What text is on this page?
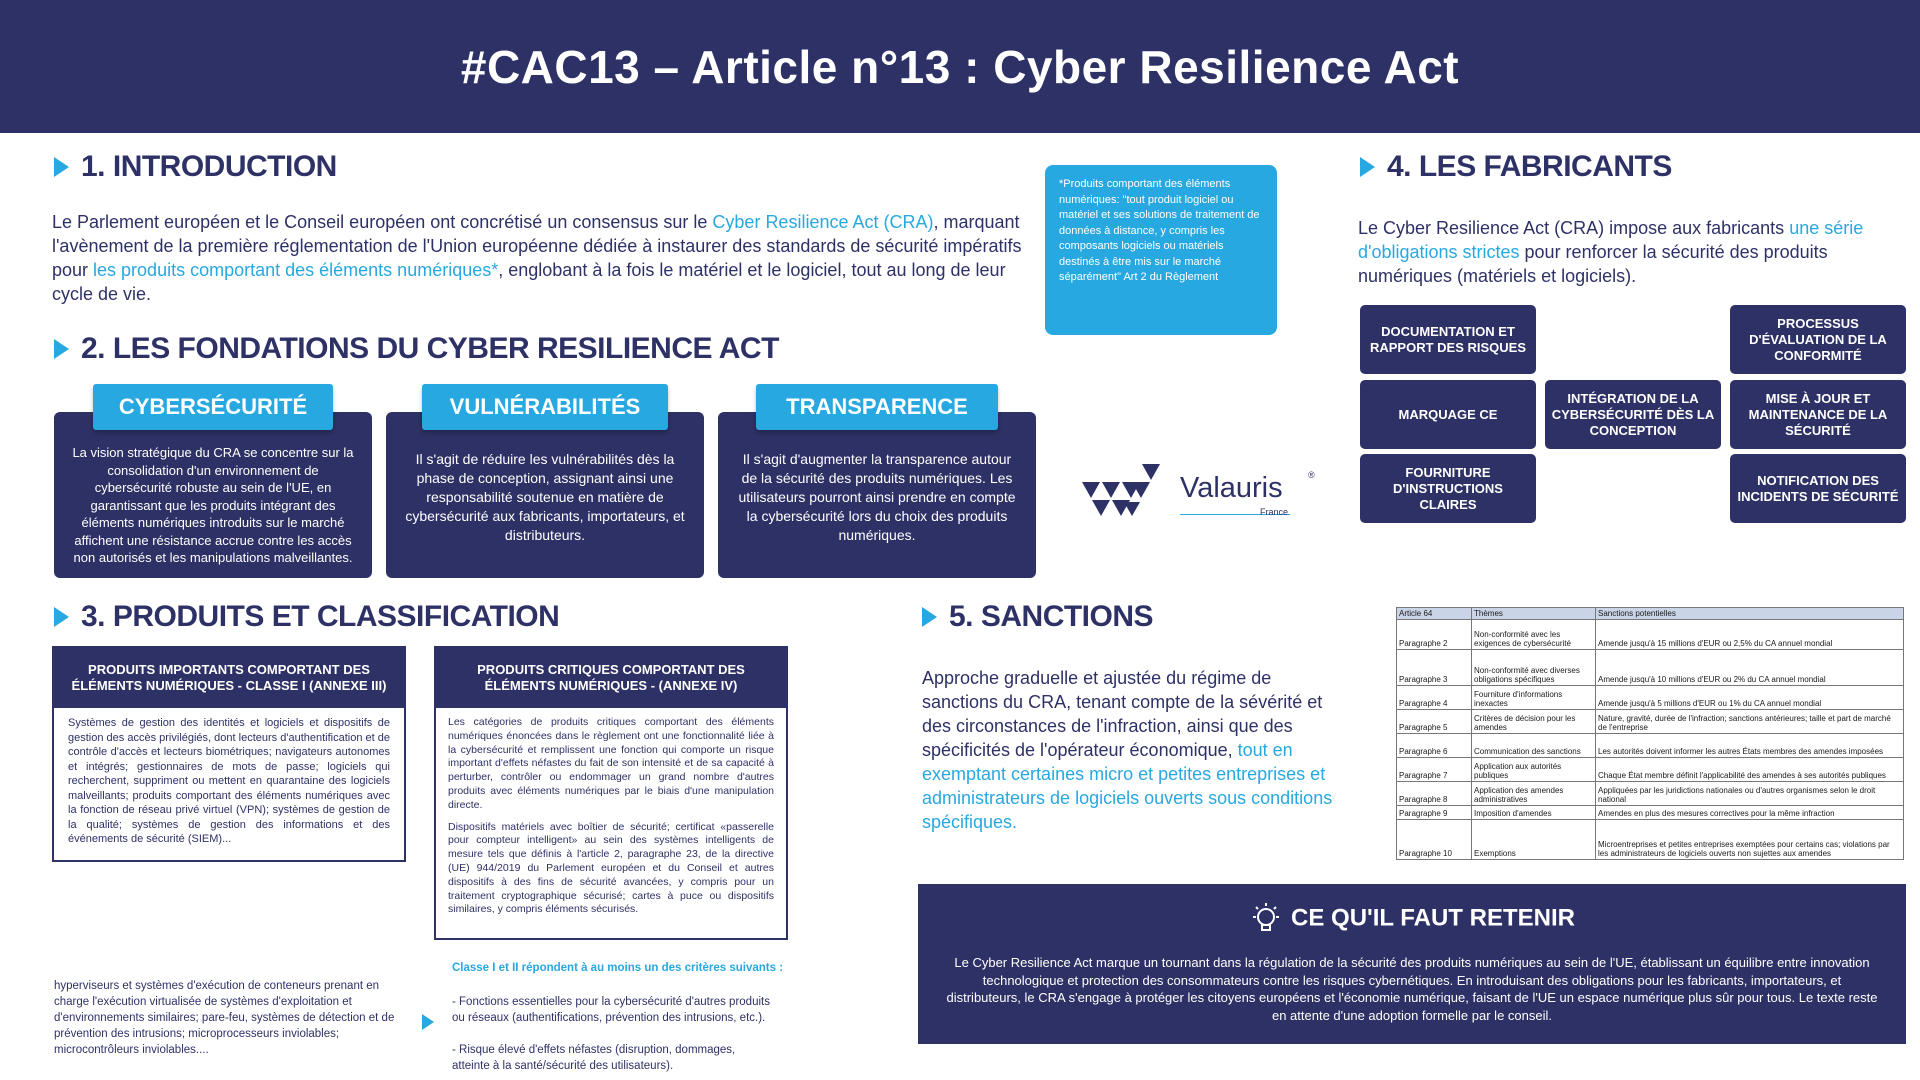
#CAC13 – Article n°13 : Cyber Resilience Act
1. INTRODUCTION
Le Parlement européen et le Conseil européen ont concrétisé un consensus sur le Cyber Resilience Act (CRA), marquant l'avènement de la première réglementation de l'Union européenne dédiée à instaurer des standards de sécurité impératifs pour les produits comportant des éléments numériques*, englobant à la fois le matériel et le logiciel, tout au long de leur cycle de vie.
*Produits comportant des éléments numériques: "tout produit logiciel ou matériel et ses solutions de traitement de données à distance, y compris les composants logiciels ou matériels destinés à être mis sur le marché séparément" Art 2 du Règlement
2. LES FONDATIONS DU CYBER RESILIENCE ACT
La vision stratégique du CRA se concentre sur la consolidation d'un environnement de cybersécurité robuste au sein de l'UE, en garantissant que les produits intégrant des éléments numériques introduits sur le marché affichent une résistance accrue contre les accès non autorisés et les manipulations malveillantes.
CYBERSÉCURITÉ
Il s'agit de réduire les vulnérabilités dès la phase de conception, assignant ainsi une responsabilité soutenue en matière de cybersécurité aux fabricants, importateurs, et distributeurs.
VULNÉRABILITÉS
Il s'agit d'augmenter la transparence autour de la sécurité des produits numériques. Les utilisateurs pourront ainsi prendre en compte la cybersécurité lors du choix des produits numériques.
TRANSPARENCE
Valauris	®
France
4. LES FABRICANTS
Le Cyber Resilience Act (CRA) impose aux fabricants une série d'obligations strictes pour renforcer la sécurité des produits numériques (matériels et logiciels).
DOCUMENTATION ET RAPPORT DES RISQUES
MARQUAGE CE
FOURNITURE D'INSTRUCTIONS CLAIRES
INTÉGRATION DE LA CYBERSÉCURITÉ DÈS LA CONCEPTION
PROCESSUS D'ÉVALUATION DE LA CONFORMITÉ
MISE À JOUR ET MAINTENANCE DE LA SÉCURITÉ
NOTIFICATION DES INCIDENTS DE SÉCURITÉ
3. PRODUITS ET CLASSIFICATION
PRODUITS IMPORTANTS COMPORTANT DES ÉLÉMENTS NUMÉRIQUES - CLASSE I (ANNEXE III)
Systèmes de gestion des identités et logiciels et dispositifs de gestion des accès privilégiés, dont lecteurs d'authentification et de contrôle d'accès et lecteurs biométriques; navigateurs autonomes et intégrés; gestionnaires de mots de passe; logiciels qui recherchent, suppriment ou mettent en quarantaine des logiciels malveillants; produits comportant des éléments numériques avec la fonction de réseau privé virtuel (VPN); systèmes de gestion de la qualité; systèmes de gestion des informations et des événements de sécurité (SIEM)...
PRODUITS CRITIQUES COMPORTANT DES ÉLÉMENTS NUMÉRIQUES - (ANNEXE IV)
Les catégories de produits critiques comportant des éléments numériques énoncées dans le règlement ont une fonctionnalité liée à la cybersécurité et remplissent une fonction qui comporte un risque important d'effets néfastes du fait de son intensité et de sa capacité à perturber, contrôler ou endommager un grand nombre d'autres produits avec éléments numériques par le biais d'une manipulation directe.
Dispositifs matériels avec boîtier de sécurité; certificat «passerelle pour compteur intelligent» au sein des systèmes intelligents de mesure tels que définis à l'article 2, paragraphe 23, de la directive (UE) 944/2019 du Parlement européen et du Conseil et autres dispositifs à des fins de sécurité avancées, y compris pour un traitement cryptographique sécurisé; cartes à puce ou dispositifs similaires, y compris éléments sécurisés.
hyperviseurs et systèmes d'exécution de conteneurs prenant en charge l'exécution virtualisée de systèmes d'exploitation et d'environnements similaires; pare-feu, systèmes de détection et de prévention des intrusions; microprocesseurs inviolables; microcontrôleurs inviolables....
Classe I et II répondent à au moins un des critères suivants :
- Fonctions essentielles pour la cybersécurité d'autres produits ou réseaux (authentifications, prévention des intrusions, etc.).
- Risque élevé d'effets néfastes (disruption, dommages, atteinte à la santé/sécurité des utilisateurs).
5. SANCTIONS
Approche graduelle et ajustée du régime de sanctions du CRA, tenant compte de la sévérité et des circonstances de l'infraction, ainsi que des spécificités de l'opérateur économique, tout en exemptant certaines micro et petites entreprises et administrateurs de logiciels ouverts sous conditions spécifiques.
Article 64	Thèmes	Sanctions potentielles
Paragraphe 2	Non-conformité avec les exigences de cybersécurité	Amende jusqu'à 15 millions d'EUR ou 2,5% du CA annuel mondial
Paragraphe 3	Non-conformité avec diverses obligations spécifiques	Amende jusqu'à 10 millions d'EUR ou 2% du CA annuel mondial
Paragraphe 4	Fourniture d'informations inexactes	Amende jusqu'à 5 millions d'EUR ou 1% du CA annuel mondial
Paragraphe 5	Critères de décision pour les amendes	Nature, gravité, durée de l'infraction; sanctions antérieures; taille et part de marché de l'entreprise
Paragraphe 6	Communication des sanctions	Les autorités doivent informer les autres États membres des amendes imposées
Paragraphe 7	Application aux autorités publiques	Chaque État membre définit l'applicabilité des amendes à ses autorités publiques
Paragraphe 8	Application des amendes administratives	Appliquées par les juridictions nationales ou d'autres organismes selon le droit national
Paragraphe 9	Imposition d'amendes	Amendes en plus des mesures correctives pour la même infraction
Paragraphe 10	Exemptions	Microentreprises et petites entreprises exemptées pour certains cas; violations par les administrateurs de logiciels ouverts non sujettes aux amendes
CE QU'IL FAUT RETENIR
Le Cyber Resilience Act marque un tournant dans la régulation de la sécurité des produits numériques au sein de l'UE, établissant un équilibre entre innovation technologique et protection des consommateurs contre les risques cybernétiques. En introduisant des obligations pour les fabricants, importateurs, et distributeurs, le CRA s'engage à protéger les citoyens européens et l'économie numérique, faisant de l'UE un espace numérique plus sûr pour tous. Le texte reste en attente d'une adoption formelle par le conseil.
